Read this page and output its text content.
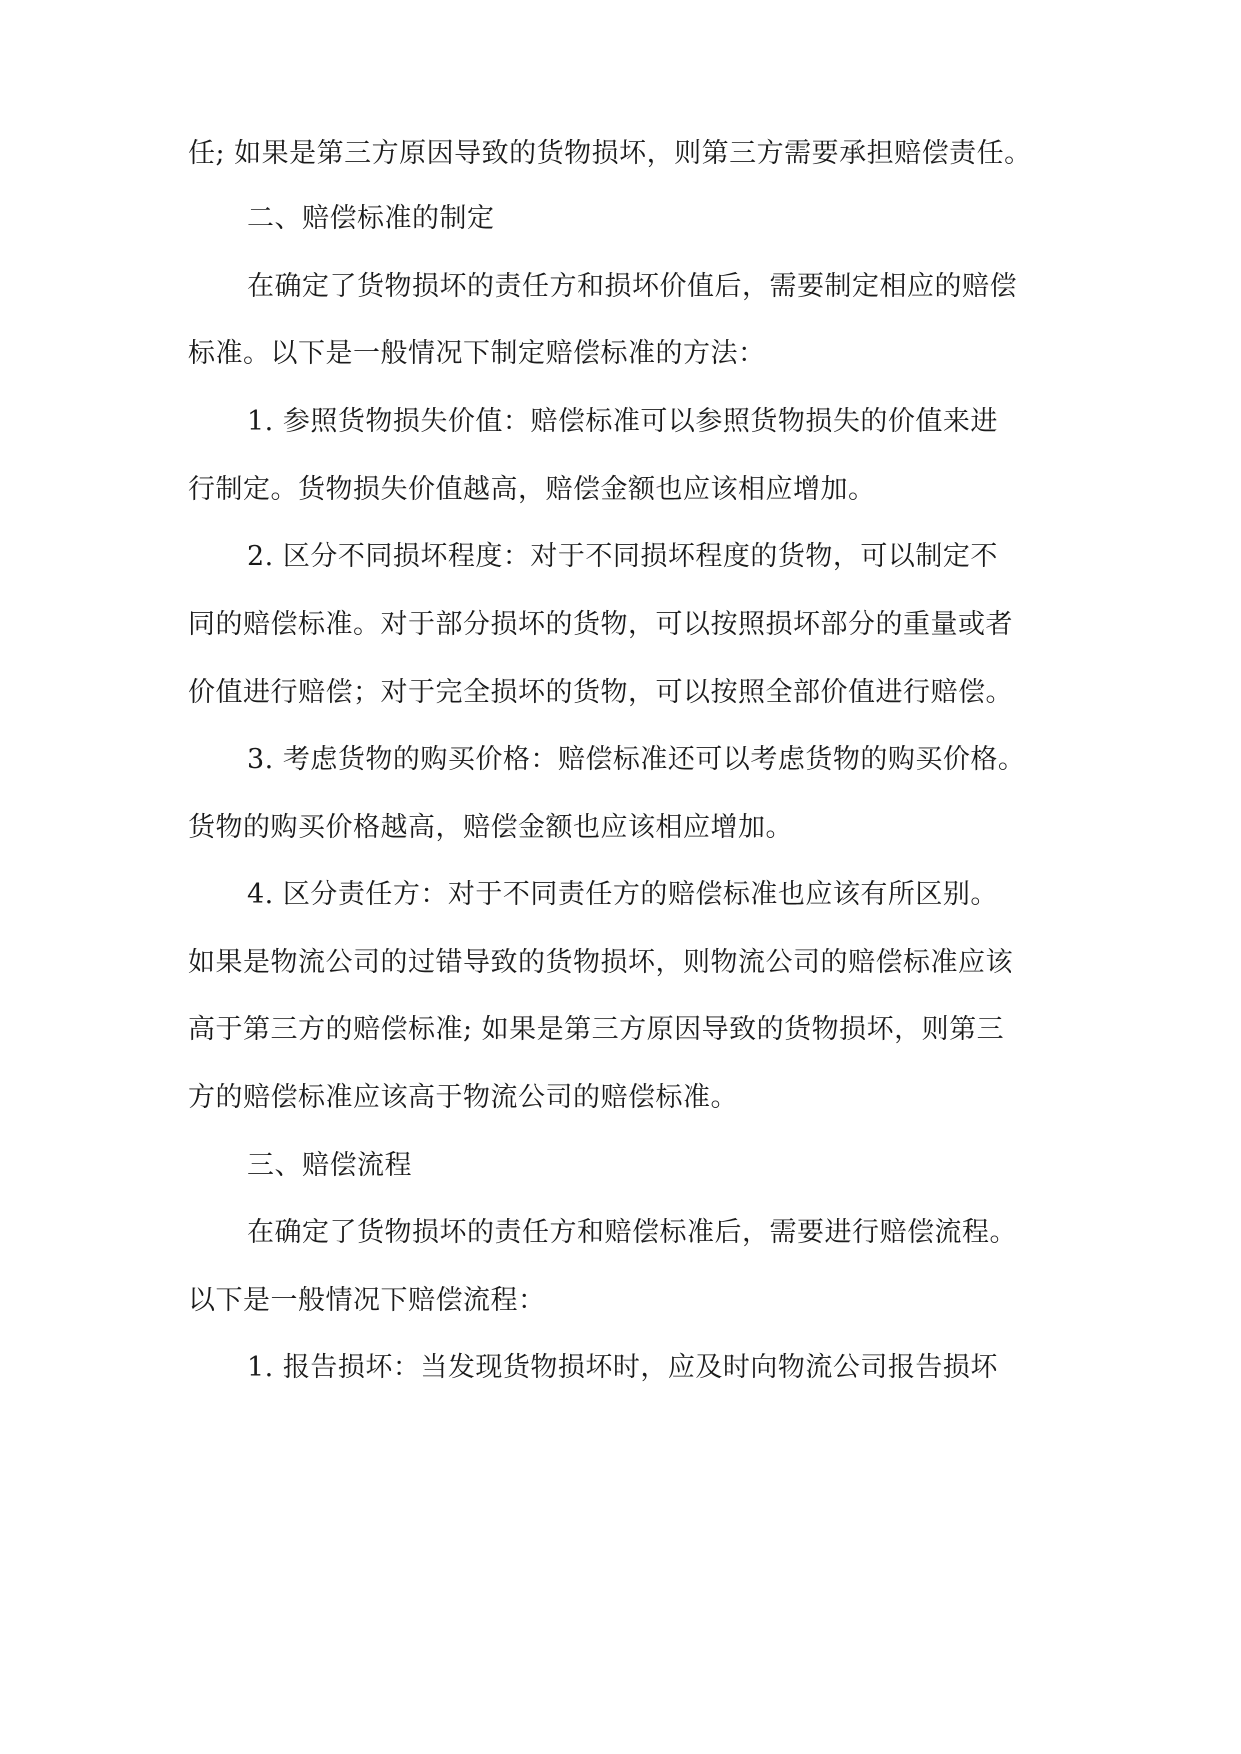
任; 如果是第三方原因导致的货物损坏，则第三方需要承担赔偿责任。
二、赔偿标准的制定
在确定了货物损坏的责任方和损坏价值后，需要制定相应的赔偿
标准。以下是一般情况下制定赔偿标准的方法：
1. 参照货物损失价值：赔偿标准可以参照货物损失的价值来进
行制定。货物损失价值越高，赔偿金额也应该相应增加。
2. 区分不同损坏程度：对于不同损坏程度的货物，可以制定不
同的赔偿标准。对于部分损坏的货物，可以按照损坏部分的重量或者
价值进行赔偿；对于完全损坏的货物，可以按照全部价值进行赔偿。
3. 考虑货物的购买价格：赔偿标准还可以考虑货物的购买价格。
货物的购买价格越高，赔偿金额也应该相应增加。
4. 区分责任方：对于不同责任方的赔偿标准也应该有所区别。
如果是物流公司的过错导致的货物损坏，则物流公司的赔偿标准应该
高于第三方的赔偿标准; 如果是第三方原因导致的货物损坏，则第三
方的赔偿标准应该高于物流公司的赔偿标准。
三、赔偿流程
在确定了货物损坏的责任方和赔偿标准后，需要进行赔偿流程。
以下是一般情况下赔偿流程：
1. 报告损坏：当发现货物损坏时，应及时向物流公司报告损坏
